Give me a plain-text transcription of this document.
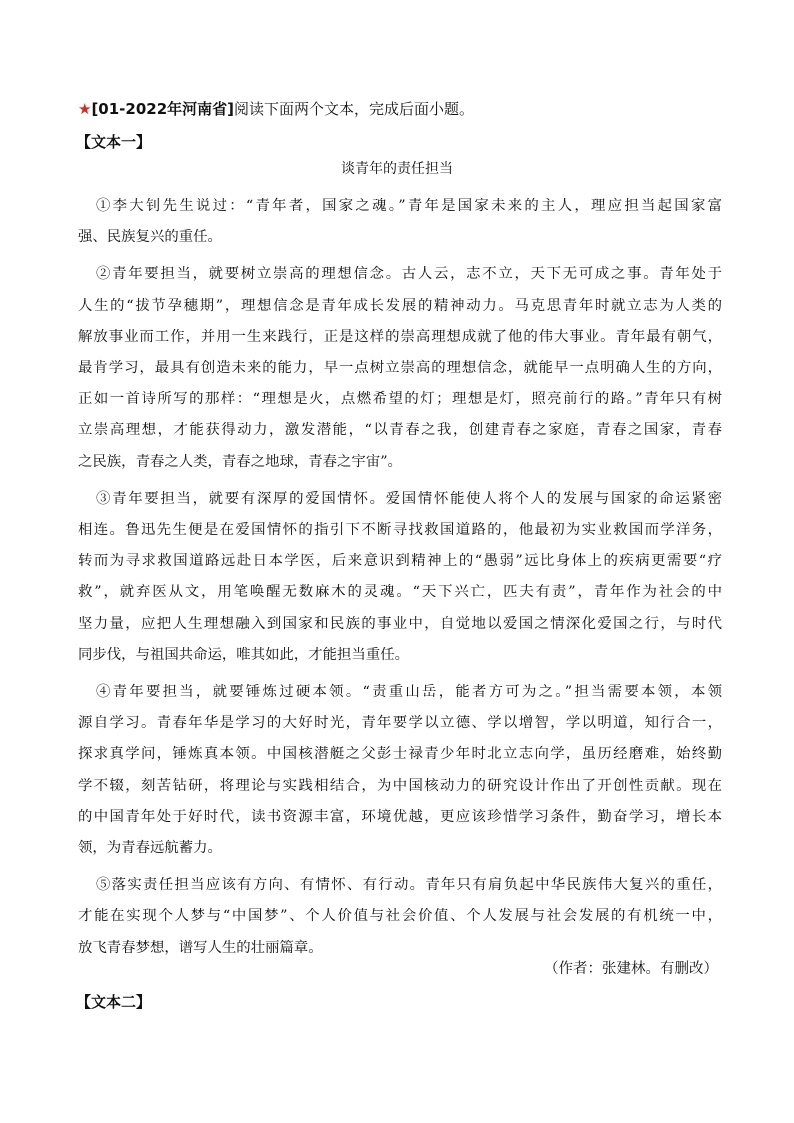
★[01-2022年河南省]阅读下面两个文本，完成后面小题。
【文本一】
谈青年的责任担当

①李大钊先生说过：“青年者，国家之魂。”青年是国家未来的主人，理应担当起国家富
强、民族复兴的重任。

②青年要担当，就要树立崇高的理想信念。古人云，志不立，天下无可成之事。青年处于
人生的“拔节孕穗期”，理想信念是青年成长发展的精神动力。马克思青年时就立志为人类的
解放事业而工作，并用一生来践行，正是这样的崇高理想成就了他的伟大事业。青年最有朝气，
最肯学习，最具有创造未来的能力，早一点树立崇高的理想信念，就能早一点明确人生的方向，
正如一首诗所写的那样：“理想是火，点燃希望的灯；理想是灯，照亮前行的路。”青年只有树
立崇高理想，才能获得动力，激发潜能，“以青春之我，创建青春之家庭，青春之国家，青春
之民族，青春之人类，青春之地球，青春之宇宙”。

③青年要担当，就要有深厚的爱国情怀。爱国情怀能使人将个人的发展与国家的命运紧密
相连。鲁迅先生便是在爱国情怀的指引下不断寻找救国道路的，他最初为实业救国而学洋务，
转而为寻求救国道路远赴日本学医，后来意识到精神上的“愚弱”远比身体上的疾病更需要“疗
救”，就弃医从文，用笔唤醒无数麻木的灵魂。“天下兴亡，匹夫有责”，青年作为社会的中
坚力量，应把人生理想融入到国家和民族的事业中，自觉地以爱国之情深化爱国之行，与时代
同步伐，与祖国共命运，唯其如此，才能担当重任。

④青年要担当，就要锤炼过硬本领。“责重山岳，能者方可为之。”担当需要本领，本领
源自学习。青春年华是学习的大好时光，青年要学以立德、学以增智，学以明道，知行合一，
探求真学问，锤炼真本领。中国核潜艇之父彭士禄青少年时北立志向学，虽历经磨难，始终勤
学不辍，刻苦钻研，将理论与实践相结合，为中国核动力的研究设计作出了开创性贡献。现在
的中国青年处于好时代，读书资源丰富，环境优越，更应该珍惜学习条件，勤奋学习，增长本
领，为青春远航蓄力。

⑤落实责任担当应该有方向、有情怀、有行动。青年只有肩负起中华民族伟大复兴的重任，
才能在实现个人梦与“中国梦”、个人价值与社会价值、个人发展与社会发展的有机统一中，
放飞青春梦想，谱写人生的壮丽篇章。

（作者：张建林。有删改）
【文本二】
